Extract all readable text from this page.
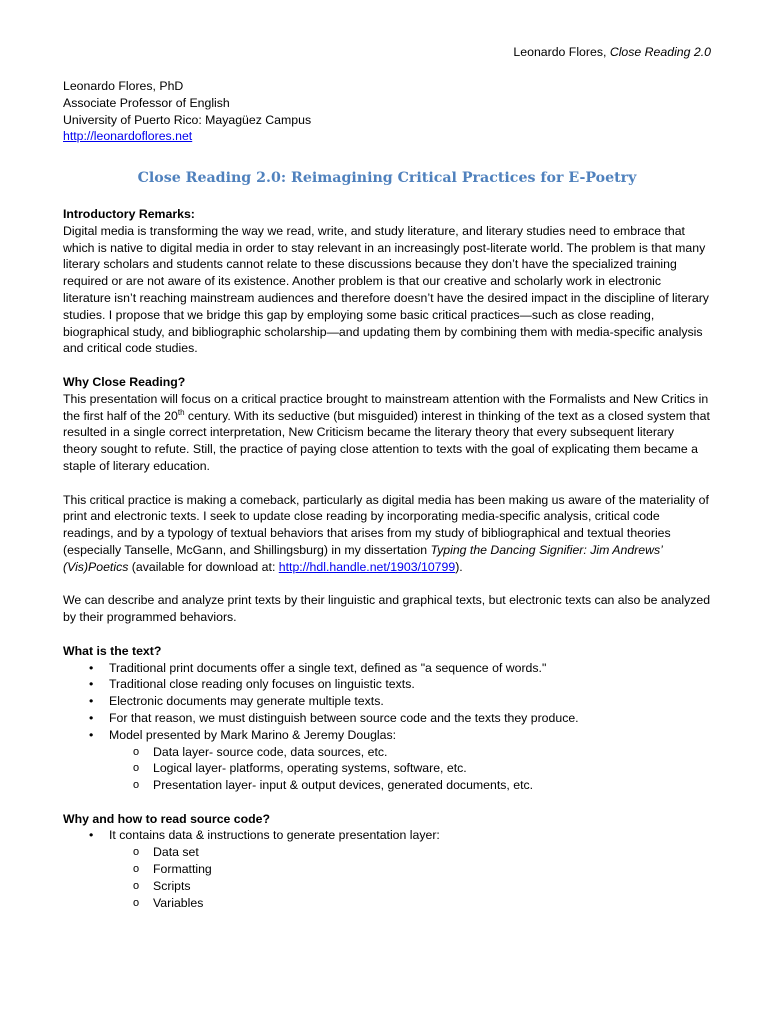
Leonardo Flores, Close Reading 2.0
Leonardo Flores, PhD
Associate Professor of English
University of Puerto Rico: Mayagüez Campus
http://leonardoflores.net
Close Reading 2.0: Reimagining Critical Practices for E-Poetry
Introductory Remarks:

Digital media is transforming the way we read, write, and study literature, and literary studies need to embrace that which is native to digital media in order to stay relevant in an increasingly post-literate world. The problem is that many literary scholars and students cannot relate to these discussions because they don’t have the specialized training required or are not aware of its existence. Another problem is that our creative and scholarly work in electronic literature isn’t reaching mainstream audiences and therefore doesn’t have the desired impact in the discipline of literary studies. I propose that we bridge this gap by employing some basic critical practices—such as close reading, biographical study, and bibliographic scholarship—and updating them by combining them with media-specific analysis and critical code studies.

Why Close Reading?

This presentation will focus on a critical practice brought to mainstream attention with the Formalists and New Critics in the first half of the 20th century. With its seductive (but misguided) interest in thinking of the text as a closed system that resulted in a single correct interpretation, New Criticism became the literary theory that every subsequent literary theory sought to refute. Still, the practice of paying close attention to texts with the goal of explicating them became a staple of literary education.

This critical practice is making a comeback, particularly as digital media has been making us aware of the materiality of print and electronic texts. I seek to update close reading by incorporating media-specific analysis, critical code readings, and by a typology of textual behaviors that arises from my study of bibliographical and textual theories (especially Tanselle, McGann, and Shillingsburg) in my dissertation Typing the Dancing Signifier: Jim Andrews’ (Vis)Poetics (available for download at: http://hdl.handle.net/1903/10799).

We can describe and analyze print texts by their linguistic and graphical texts, but electronic texts can also be analyzed by their programmed behaviors.

What is the text?
• Traditional print documents offer a single text, defined as "a sequence of words."
• Traditional close reading only focuses on linguistic texts.
• Electronic documents may generate multiple texts.
• For that reason, we must distinguish between source code and the texts they produce.
• Model presented by Mark Marino & Jeremy Douglas:
o Data layer- source code, data sources, etc.
o Logical layer- platforms, operating systems, software, etc.
o Presentation layer- input & output devices, generated documents, etc.
Why and how to read source code?
• It contains data & instructions to generate presentation layer:
o Data set
o Formatting
o Scripts
o Variables
